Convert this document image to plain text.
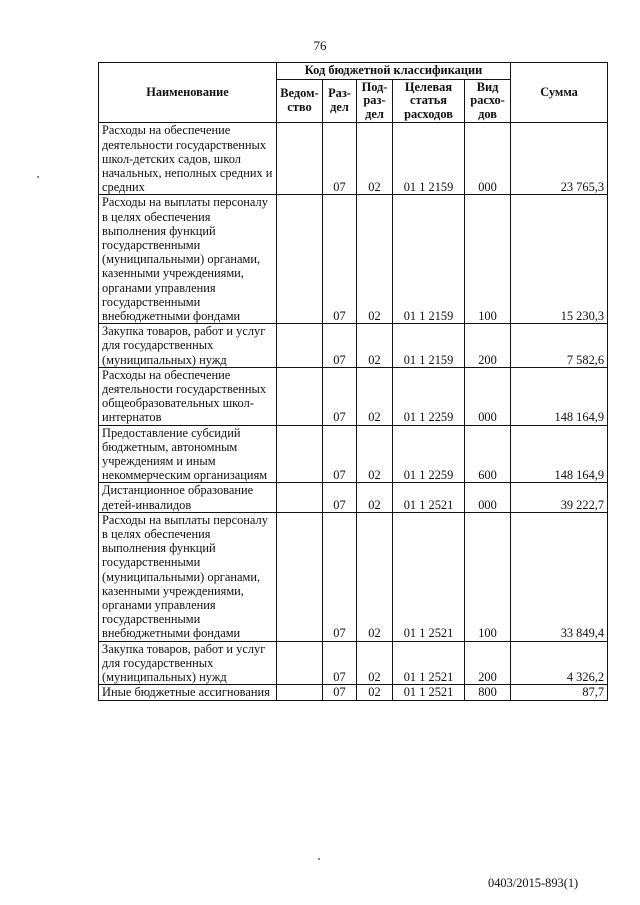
76
Наименование	Код бюджетной классификации					Сумма
	Ведом-ство	Раз-дел	Под-раз-дел	Целевая статья расходов	Вид расхо-дов	
Расходы на обеспечение деятельности государственных школ-детских садов, школ начальных, неполных средних и средних		07	02	01 1 2159	000	23 765,3
Расходы на выплаты персоналу в целях обеспечения выполнения функций государственными (муниципальными) органами, казенными учреждениями, органами управления государственными внебюджетными фондами		07	02	01 1 2159	100	15 230,3
Закупка товаров, работ и услуг для государственных (муниципальных) нужд		07	02	01 1 2159	200	7 582,6
Расходы на обеспечение деятельности государственных общеобразовательных школ-интернатов		07	02	01 1 2259	000	148 164,9
Предоставление субсидий бюджетным, автономным учреждениям и иным некоммерческим организациям		07	02	01 1 2259	600	148 164,9
Дистанционное образование детей-инвалидов		07	02	01 1 2521	000	39 222,7
Расходы на выплаты персоналу в целях обеспечения выполнения функций государственными (муниципальными) органами, казенными учреждениями, органами управления государственными внебюджетными фондами		07	02	01 1 2521	100	33 849,4
Закупка товаров, работ и услуг для государственных (муниципальных) нужд		07	02	01 1 2521	200	4 326,2
Иные бюджетные ассигнования		07	02	01 1 2521	800	87,7
0403/2015-893(1)
